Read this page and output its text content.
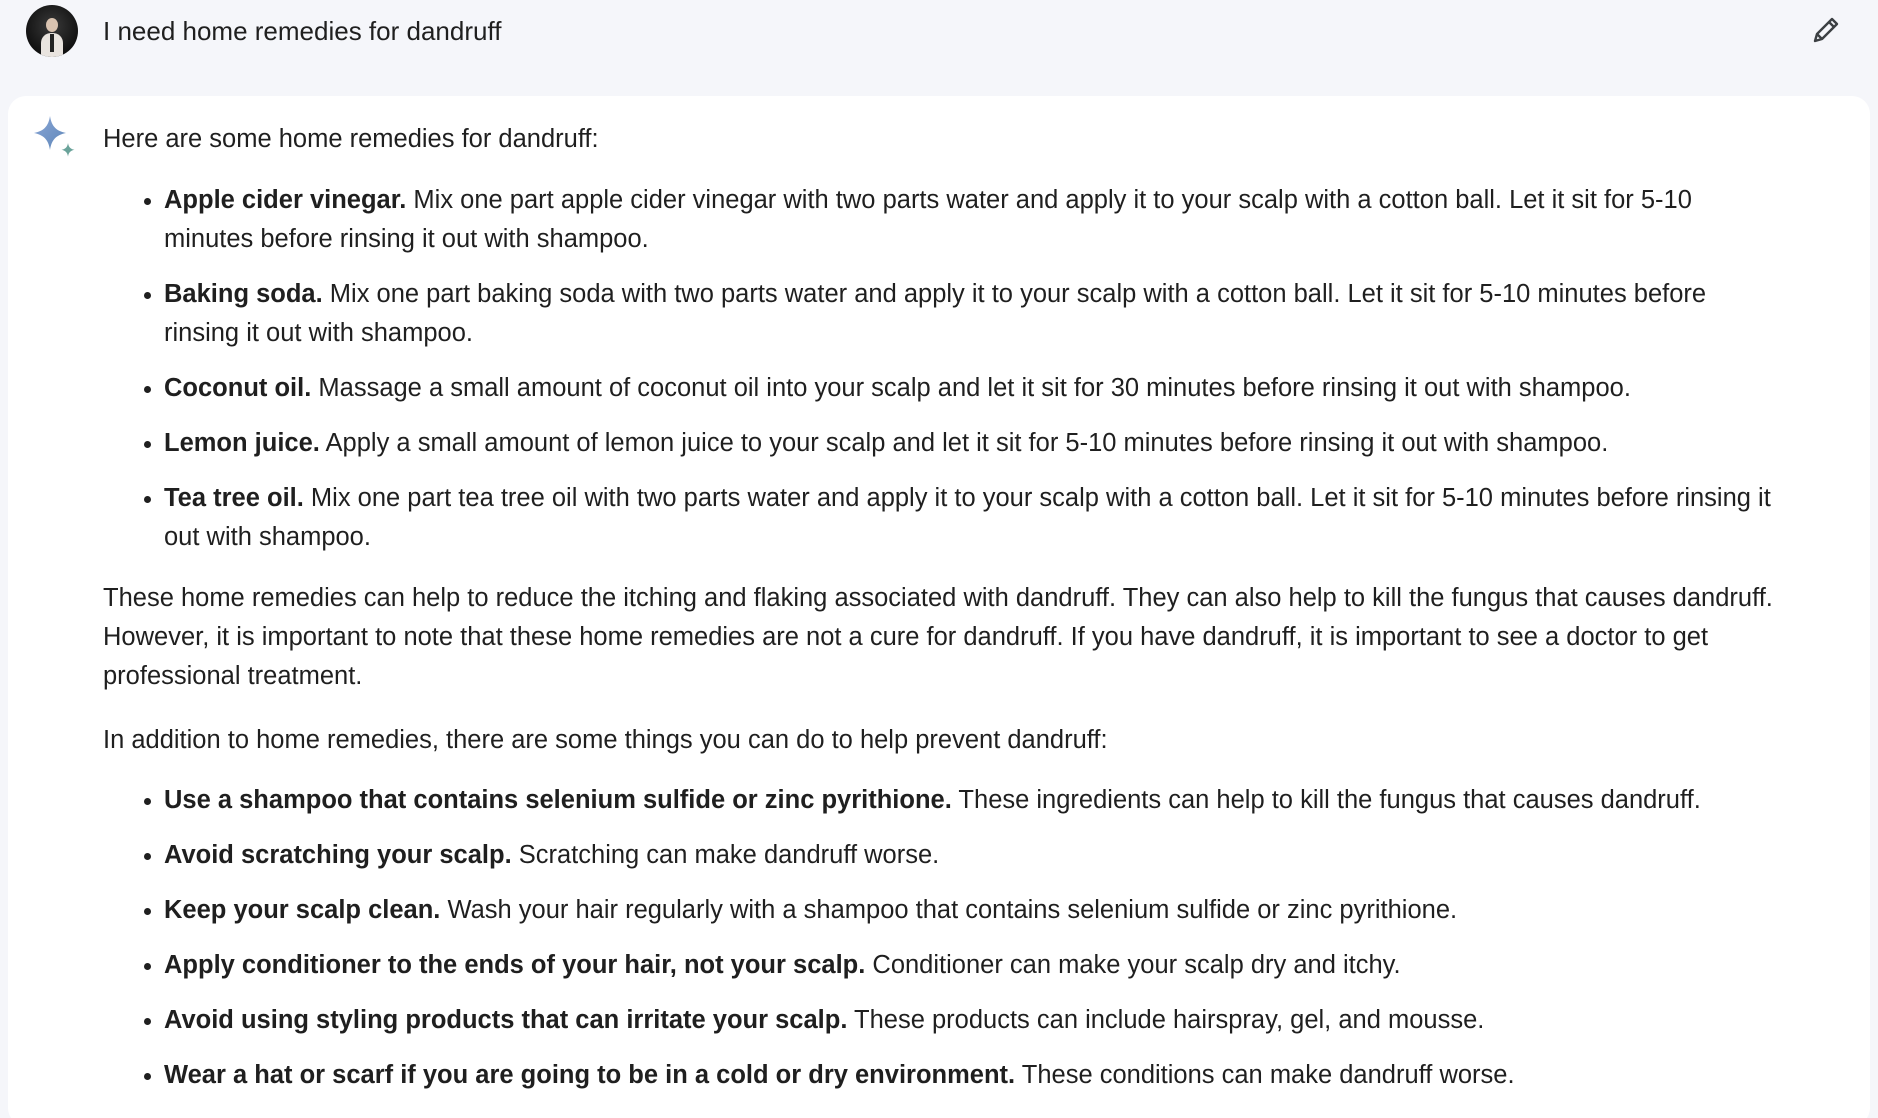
I need home remedies for dandruff

Here are some home remedies for dandruff:

Apple cider vinegar. Mix one part apple cider vinegar with two parts water and apply it to your scalp with a cotton ball. Let it sit for 5-10 minutes before rinsing it out with shampoo.
Baking soda. Mix one part baking soda with two parts water and apply it to your scalp with a cotton ball. Let it sit for 5-10 minutes before rinsing it out with shampoo.
Coconut oil. Massage a small amount of coconut oil into your scalp and let it sit for 30 minutes before rinsing it out with shampoo.
Lemon juice. Apply a small amount of lemon juice to your scalp and let it sit for 5-10 minutes before rinsing it out with shampoo.
Tea tree oil. Mix one part tea tree oil with two parts water and apply it to your scalp with a cotton ball. Let it sit for 5-10 minutes before rinsing it out with shampoo.

These home remedies can help to reduce the itching and flaking associated with dandruff. They can also help to kill the fungus that causes dandruff. However, it is important to note that these home remedies are not a cure for dandruff. If you have dandruff, it is important to see a doctor to get professional treatment.

In addition to home remedies, there are some things you can do to help prevent dandruff:

Use a shampoo that contains selenium sulfide or zinc pyrithione. These ingredients can help to kill the fungus that causes dandruff.
Avoid scratching your scalp. Scratching can make dandruff worse.
Keep your scalp clean. Wash your hair regularly with a shampoo that contains selenium sulfide or zinc pyrithione.
Apply conditioner to the ends of your hair, not your scalp. Conditioner can make your scalp dry and itchy.
Avoid using styling products that can irritate your scalp. These products can include hairspray, gel, and mousse.
Wear a hat or scarf if you are going to be in a cold or dry environment. These conditions can make dandruff worse.
